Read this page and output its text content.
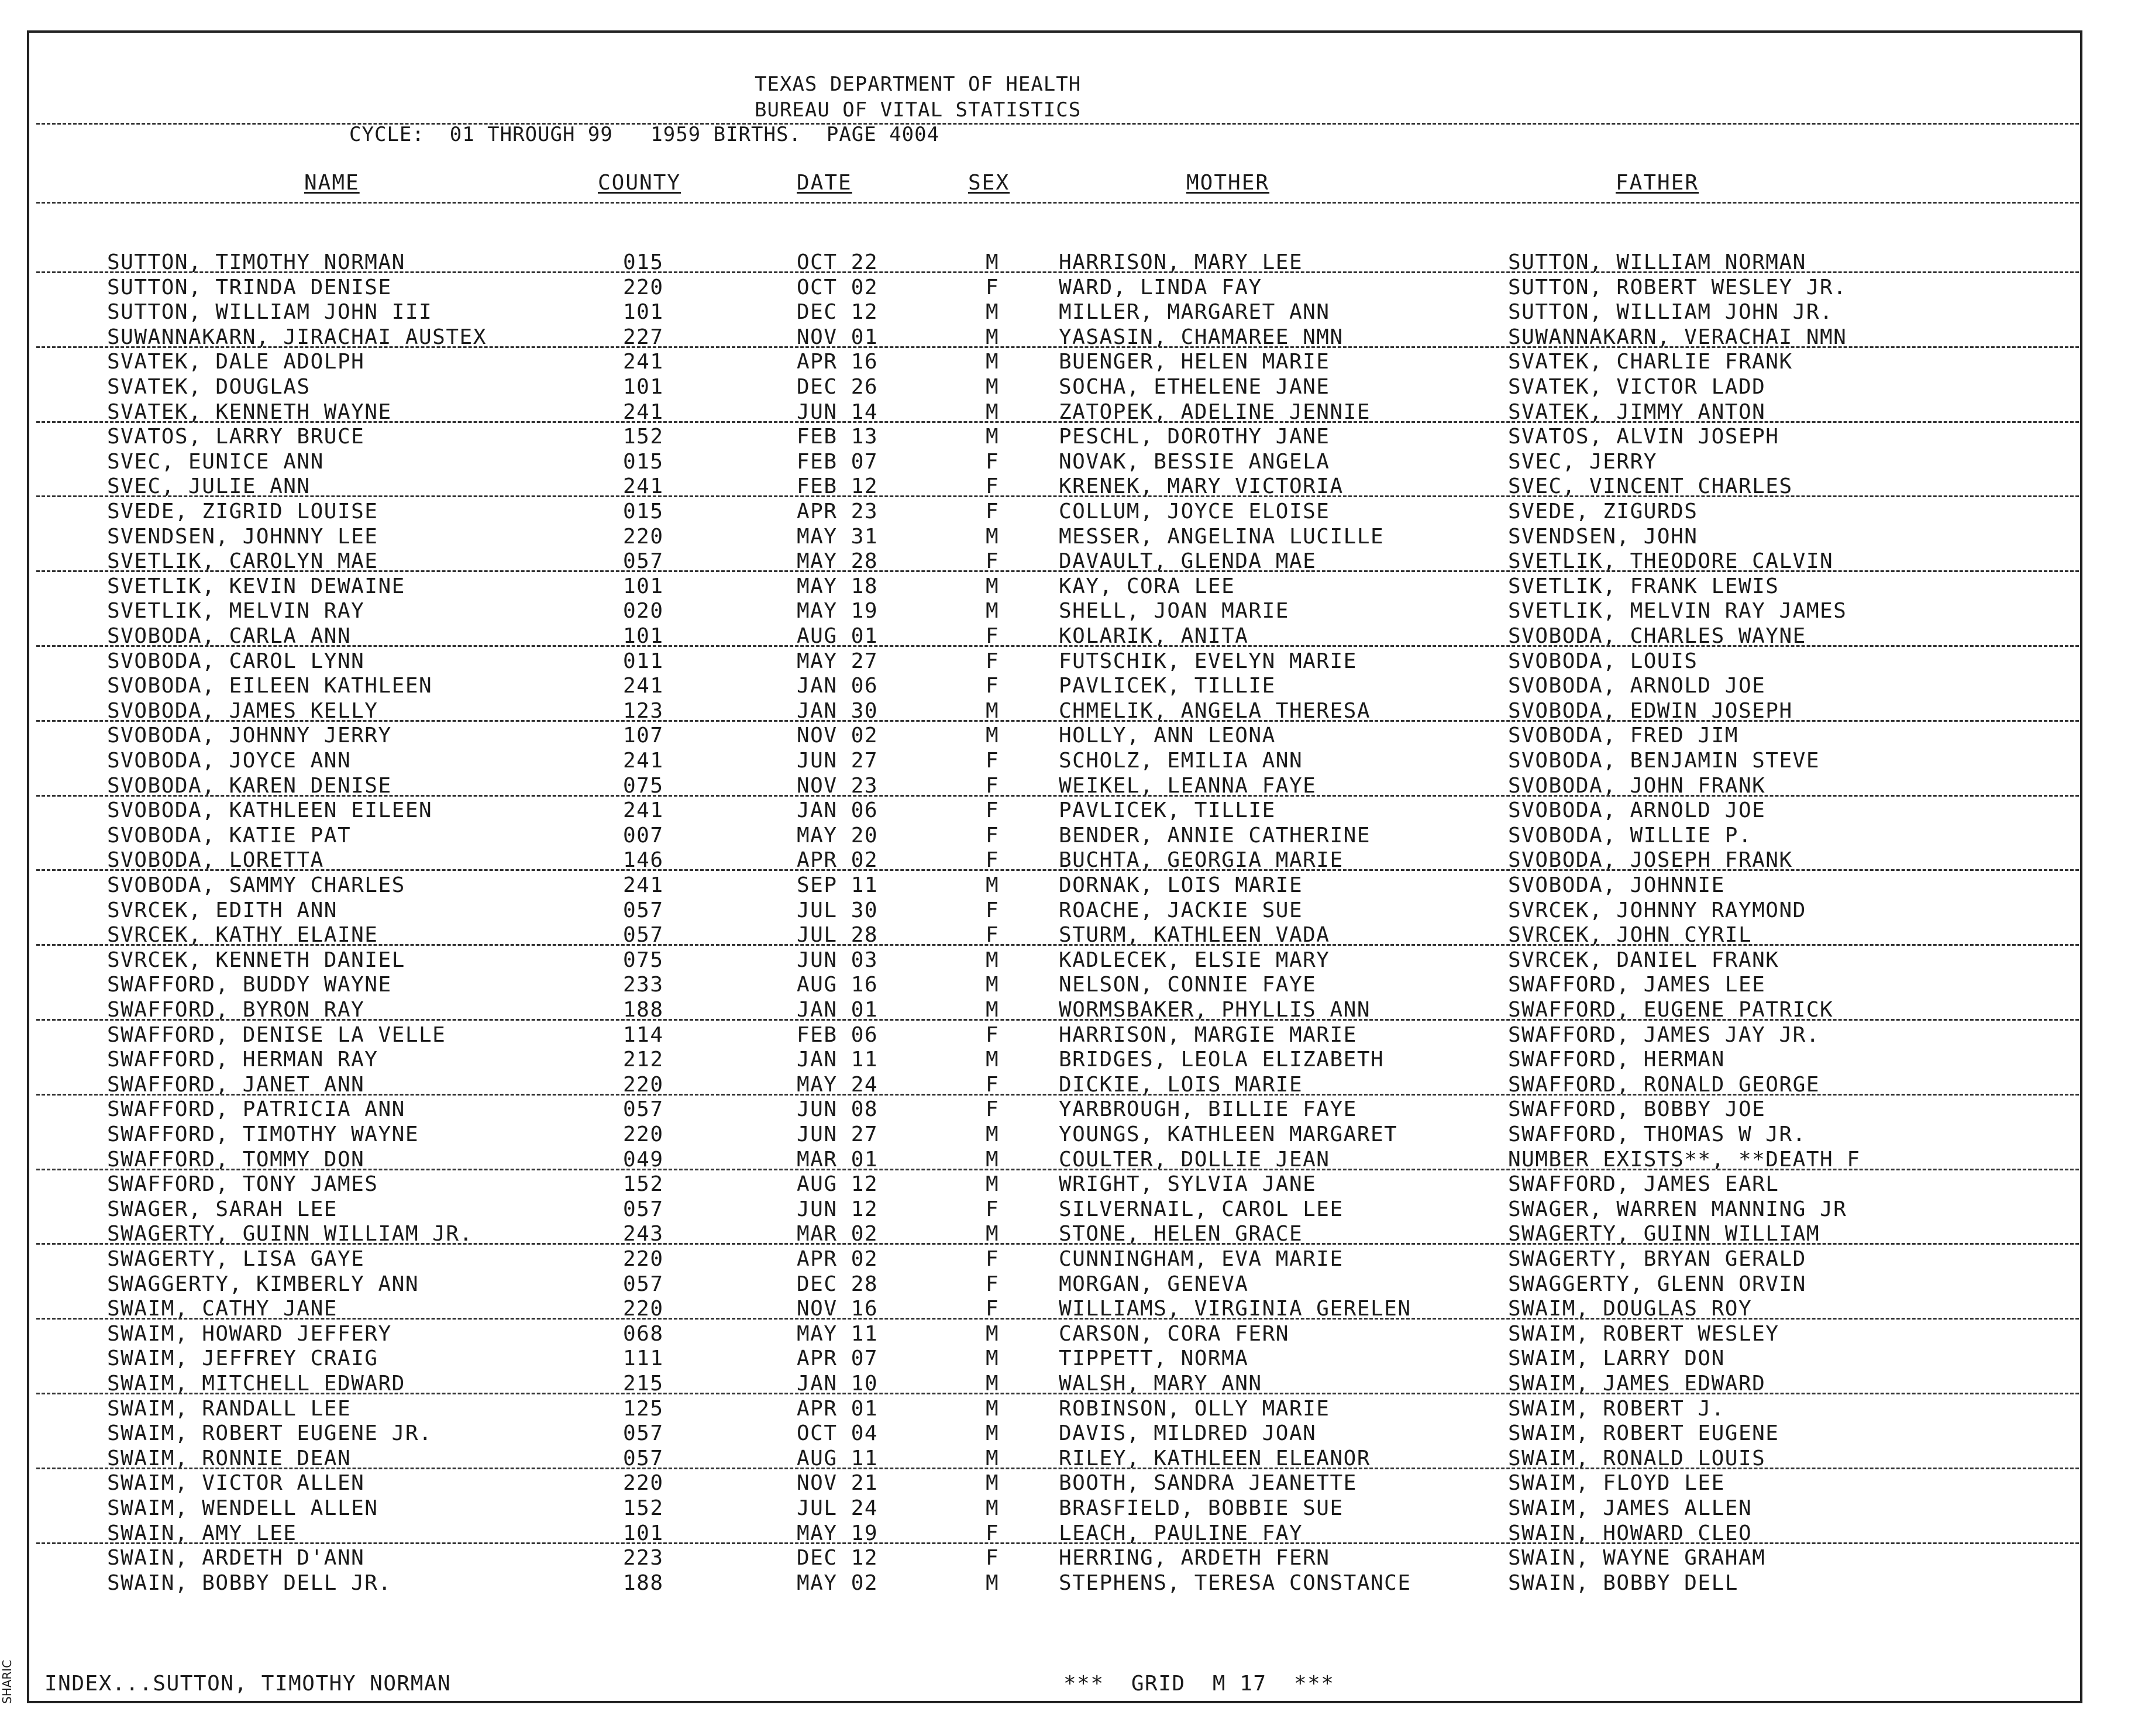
TEXAS DEPARTMENT OF HEALTH
BUREAU OF VITAL STATISTICS
CYCLE:  01 THROUGH 99   1959 BIRTHS.  PAGE 4004
NAME	COUNTY	DATE	SEX	MOTHER	FATHER
SUTTON, TIMOTHY NORMAN	015	OCT 22	M	HARRISON, MARY LEE	SUTTON, WILLIAM NORMAN
SUTTON, TRINDA DENISE	220	OCT 02	F	WARD, LINDA FAY	SUTTON, ROBERT WESLEY JR.
SUTTON, WILLIAM JOHN III	101	DEC 12	M	MILLER, MARGARET ANN	SUTTON, WILLIAM JOHN JR.
SUWANNAKARN, JIRACHAI AUSTEX	227	NOV 01	M	YASASIN, CHAMAREE NMN	SUWANNAKARN, VERACHAI NMN
SVATEK, DALE ADOLPH	241	APR 16	M	BUENGER, HELEN MARIE	SVATEK, CHARLIE FRANK
SVATEK, DOUGLAS	101	DEC 26	M	SOCHA, ETHELENE JANE	SVATEK, VICTOR LADD
SVATEK, KENNETH WAYNE	241	JUN 14	M	ZATOPEK, ADELINE JENNIE	SVATEK, JIMMY ANTON
SVATOS, LARRY BRUCE	152	FEB 13	M	PESCHL, DOROTHY JANE	SVATOS, ALVIN JOSEPH
SVEC, EUNICE ANN	015	FEB 07	F	NOVAK, BESSIE ANGELA	SVEC, JERRY
SVEC, JULIE ANN	241	FEB 12	F	KRENEK, MARY VICTORIA	SVEC, VINCENT CHARLES
SVEDE, ZIGRID LOUISE	015	APR 23	F	COLLUM, JOYCE ELOISE	SVEDE, ZIGURDS
SVENDSEN, JOHNNY LEE	220	MAY 31	M	MESSER, ANGELINA LUCILLE	SVENDSEN, JOHN
SVETLIK, CAROLYN MAE	057	MAY 28	F	DAVAULT, GLENDA MAE	SVETLIK, THEODORE CALVIN
SVETLIK, KEVIN DEWAINE	101	MAY 18	M	KAY, CORA LEE	SVETLIK, FRANK LEWIS
SVETLIK, MELVIN RAY	020	MAY 19	M	SHELL, JOAN MARIE	SVETLIK, MELVIN RAY JAMES
SVOBODA, CARLA ANN	101	AUG 01	F	KOLARIK, ANITA	SVOBODA, CHARLES WAYNE
SVOBODA, CAROL LYNN	011	MAY 27	F	FUTSCHIK, EVELYN MARIE	SVOBODA, LOUIS
SVOBODA, EILEEN KATHLEEN	241	JAN 06	F	PAVLICEK, TILLIE	SVOBODA, ARNOLD JOE
SVOBODA, JAMES KELLY	123	JAN 30	M	CHMELIK, ANGELA THERESA	SVOBODA, EDWIN JOSEPH
SVOBODA, JOHNNY JERRY	107	NOV 02	M	HOLLY, ANN LEONA	SVOBODA, FRED JIM
SVOBODA, JOYCE ANN	241	JUN 27	F	SCHOLZ, EMILIA ANN	SVOBODA, BENJAMIN STEVE
SVOBODA, KAREN DENISE	075	NOV 23	F	WEIKEL, LEANNA FAYE	SVOBODA, JOHN FRANK
SVOBODA, KATHLEEN EILEEN	241	JAN 06	F	PAVLICEK, TILLIE	SVOBODA, ARNOLD JOE
SVOBODA, KATIE PAT	007	MAY 20	F	BENDER, ANNIE CATHERINE	SVOBODA, WILLIE P.
SVOBODA, LORETTA	146	APR 02	F	BUCHTA, GEORGIA MARIE	SVOBODA, JOSEPH FRANK
SVOBODA, SAMMY CHARLES	241	SEP 11	M	DORNAK, LOIS MARIE	SVOBODA, JOHNNIE
SVRCEK, EDITH ANN	057	JUL 30	F	ROACHE, JACKIE SUE	SVRCEK, JOHNNY RAYMOND
SVRCEK, KATHY ELAINE	057	JUL 28	F	STURM, KATHLEEN VADA	SVRCEK, JOHN CYRIL
SVRCEK, KENNETH DANIEL	075	JUN 03	M	KADLECEK, ELSIE MARY	SVRCEK, DANIEL FRANK
SWAFFORD, BUDDY WAYNE	233	AUG 16	M	NELSON, CONNIE FAYE	SWAFFORD, JAMES LEE
SWAFFORD, BYRON RAY	188	JAN 01	M	WORMSBAKER, PHYLLIS ANN	SWAFFORD, EUGENE PATRICK
SWAFFORD, DENISE LA VELLE	114	FEB 06	F	HARRISON, MARGIE MARIE	SWAFFORD, JAMES JAY JR.
SWAFFORD, HERMAN RAY	212	JAN 11	M	BRIDGES, LEOLA ELIZABETH	SWAFFORD, HERMAN
SWAFFORD, JANET ANN	220	MAY 24	F	DICKIE, LOIS MARIE	SWAFFORD, RONALD GEORGE
SWAFFORD, PATRICIA ANN	057	JUN 08	F	YARBROUGH, BILLIE FAYE	SWAFFORD, BOBBY JOE
SWAFFORD, TIMOTHY WAYNE	220	JUN 27	M	YOUNGS, KATHLEEN MARGARET	SWAFFORD, THOMAS W JR.
SWAFFORD, TOMMY DON	049	MAR 01	M	COULTER, DOLLIE JEAN	NUMBER EXISTS**, **DEATH F
SWAFFORD, TONY JAMES	152	AUG 12	M	WRIGHT, SYLVIA JANE	SWAFFORD, JAMES EARL
SWAGER, SARAH LEE	057	JUN 12	F	SILVERNAIL, CAROL LEE	SWAGER, WARREN MANNING JR
SWAGERTY, GUINN WILLIAM JR.	243	MAR 02	M	STONE, HELEN GRACE	SWAGERTY, GUINN WILLIAM
SWAGERTY, LISA GAYE	220	APR 02	F	CUNNINGHAM, EVA MARIE	SWAGERTY, BRYAN GERALD
SWAGGERTY, KIMBERLY ANN	057	DEC 28	F	MORGAN, GENEVA	SWAGGERTY, GLENN ORVIN
SWAIM, CATHY JANE	220	NOV 16	F	WILLIAMS, VIRGINIA GERELEN	SWAIM, DOUGLAS ROY
SWAIM, HOWARD JEFFERY	068	MAY 11	M	CARSON, CORA FERN	SWAIM, ROBERT WESLEY
SWAIM, JEFFREY CRAIG	111	APR 07	M	TIPPETT, NORMA	SWAIM, LARRY DON
SWAIM, MITCHELL EDWARD	215	JAN 10	M	WALSH, MARY ANN	SWAIM, JAMES EDWARD
SWAIM, RANDALL LEE	125	APR 01	M	ROBINSON, OLLY MARIE	SWAIM, ROBERT J.
SWAIM, ROBERT EUGENE JR.	057	OCT 04	M	DAVIS, MILDRED JOAN	SWAIM, ROBERT EUGENE
SWAIM, RONNIE DEAN	057	AUG 11	M	RILEY, KATHLEEN ELEANOR	SWAIM, RONALD LOUIS
SWAIM, VICTOR ALLEN	220	NOV 21	M	BOOTH, SANDRA JEANETTE	SWAIM, FLOYD LEE
SWAIM, WENDELL ALLEN	152	JUL 24	M	BRASFIELD, BOBBIE SUE	SWAIM, JAMES ALLEN
SWAIN, AMY LEE	101	MAY 19	F	LEACH, PAULINE FAY	SWAIN, HOWARD CLEO
SWAIN, ARDETH D'ANN	223	DEC 12	F	HERRING, ARDETH FERN	SWAIN, WAYNE GRAHAM
SWAIN, BOBBY DELL JR.	188	MAY 02	M	STEPHENS, TERESA CONSTANCE	SWAIN, BOBBY DELL
INDEX...SUTTON, TIMOTHY NORMAN	***  GRID  M 17  ***
SHARIC
